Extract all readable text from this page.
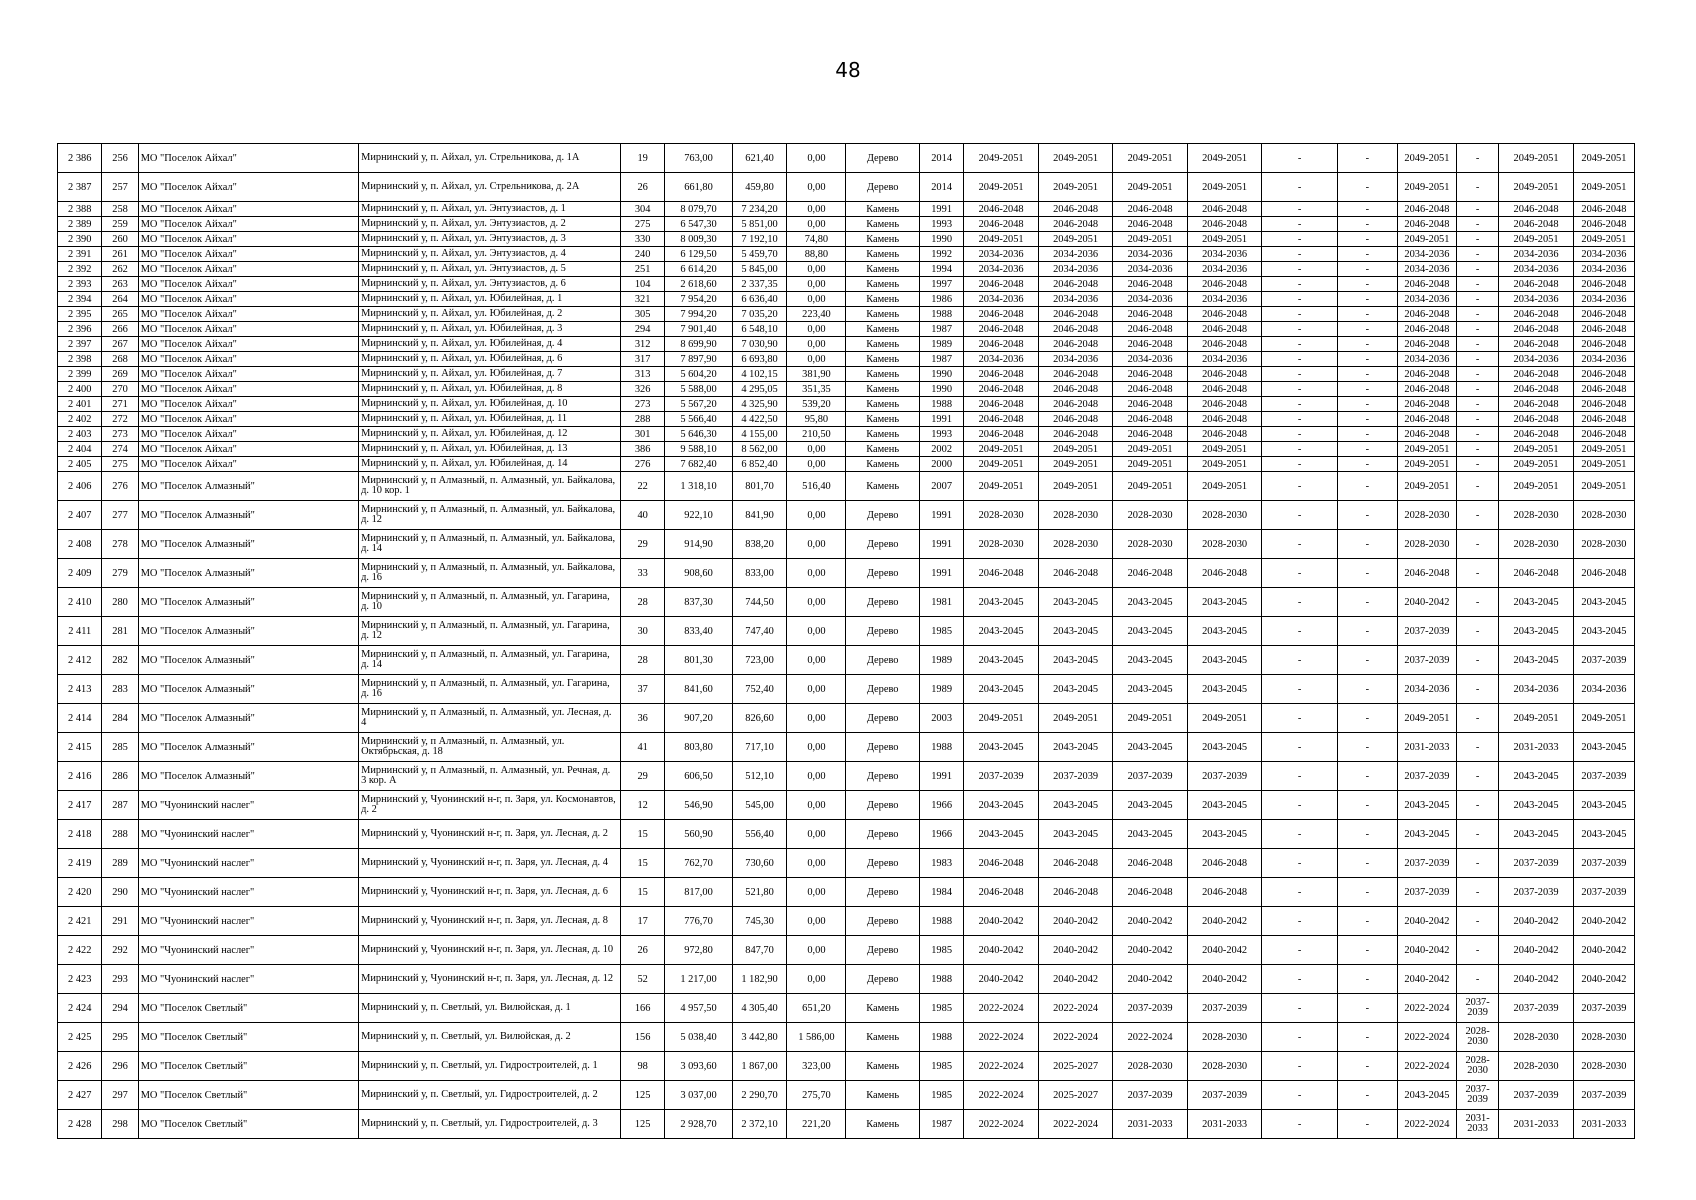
48
2 386	256	МО "Поселок Айхал"	Мирнинский у, п. Айхал, ул. Стрельникова, д. 1А	19	763,00	621,40	0,00	Дерево	2014	2049-2051	2049-2051	2049-2051	2049-2051	-	-	2049-2051	-	2049-2051	2049-2051
2 387	257	МО "Поселок Айхал"	Мирнинский у, п. Айхал, ул. Стрельникова, д. 2А	26	661,80	459,80	0,00	Дерево	2014	2049-2051	2049-2051	2049-2051	2049-2051	-	-	2049-2051	-	2049-2051	2049-2051
2 388	258	МО "Поселок Айхал"	Мирнинский у, п. Айхал, ул. Энтузиастов, д. 1	304	8 079,70	7 234,20	0,00	Камень	1991	2046-2048	2046-2048	2046-2048	2046-2048	-	-	2046-2048	-	2046-2048	2046-2048
2 389	259	МО "Поселок Айхал"	Мирнинский у, п. Айхал, ул. Энтузиастов, д. 2	275	6 547,30	5 851,00	0,00	Камень	1993	2046-2048	2046-2048	2046-2048	2046-2048	-	-	2046-2048	-	2046-2048	2046-2048
2 390	260	МО "Поселок Айхал"	Мирнинский у, п. Айхал, ул. Энтузиастов, д. 3	330	8 009,30	7 192,10	74,80	Камень	1990	2049-2051	2049-2051	2049-2051	2049-2051	-	-	2049-2051	-	2049-2051	2049-2051
2 391	261	МО "Поселок Айхал"	Мирнинский у, п. Айхал, ул. Энтузиастов, д. 4	240	6 129,50	5 459,70	88,80	Камень	1992	2034-2036	2034-2036	2034-2036	2034-2036	-	-	2034-2036	-	2034-2036	2034-2036
2 392	262	МО "Поселок Айхал"	Мирнинский у, п. Айхал, ул. Энтузиастов, д. 5	251	6 614,20	5 845,00	0,00	Камень	1994	2034-2036	2034-2036	2034-2036	2034-2036	-	-	2034-2036	-	2034-2036	2034-2036
2 393	263	МО "Поселок Айхал"	Мирнинский у, п. Айхал, ул. Энтузиастов, д. 6	104	2 618,60	2 337,35	0,00	Камень	1997	2046-2048	2046-2048	2046-2048	2046-2048	-	-	2046-2048	-	2046-2048	2046-2048
2 394	264	МО "Поселок Айхал"	Мирнинский у, п. Айхал, ул. Юбилейная, д. 1	321	7 954,20	6 636,40	0,00	Камень	1986	2034-2036	2034-2036	2034-2036	2034-2036	-	-	2034-2036	-	2034-2036	2034-2036
2 395	265	МО "Поселок Айхал"	Мирнинский у, п. Айхал, ул. Юбилейная, д. 2	305	7 994,20	7 035,20	223,40	Камень	1988	2046-2048	2046-2048	2046-2048	2046-2048	-	-	2046-2048	-	2046-2048	2046-2048
2 396	266	МО "Поселок Айхал"	Мирнинский у, п. Айхал, ул. Юбилейная, д. 3	294	7 901,40	6 548,10	0,00	Камень	1987	2046-2048	2046-2048	2046-2048	2046-2048	-	-	2046-2048	-	2046-2048	2046-2048
2 397	267	МО "Поселок Айхал"	Мирнинский у, п. Айхал, ул. Юбилейная, д. 4	312	8 699,90	7 030,90	0,00	Камень	1989	2046-2048	2046-2048	2046-2048	2046-2048	-	-	2046-2048	-	2046-2048	2046-2048
2 398	268	МО "Поселок Айхал"	Мирнинский у, п. Айхал, ул. Юбилейная, д. 6	317	7 897,90	6 693,80	0,00	Камень	1987	2034-2036	2034-2036	2034-2036	2034-2036	-	-	2034-2036	-	2034-2036	2034-2036
2 399	269	МО "Поселок Айхал"	Мирнинский у, п. Айхал, ул. Юбилейная, д. 7	313	5 604,20	4 102,15	381,90	Камень	1990	2046-2048	2046-2048	2046-2048	2046-2048	-	-	2046-2048	-	2046-2048	2046-2048
2 400	270	МО "Поселок Айхал"	Мирнинский у, п. Айхал, ул. Юбилейная, д. 8	326	5 588,00	4 295,05	351,35	Камень	1990	2046-2048	2046-2048	2046-2048	2046-2048	-	-	2046-2048	-	2046-2048	2046-2048
2 401	271	МО "Поселок Айхал"	Мирнинский у, п. Айхал, ул. Юбилейная, д. 10	273	5 567,20	4 325,90	539,20	Камень	1988	2046-2048	2046-2048	2046-2048	2046-2048	-	-	2046-2048	-	2046-2048	2046-2048
2 402	272	МО "Поселок Айхал"	Мирнинский у, п. Айхал, ул. Юбилейная, д. 11	288	5 566,40	4 422,50	95,80	Камень	1991	2046-2048	2046-2048	2046-2048	2046-2048	-	-	2046-2048	-	2046-2048	2046-2048
2 403	273	МО "Поселок Айхал"	Мирнинский у, п. Айхал, ул. Юбилейная, д. 12	301	5 646,30	4 155,00	210,50	Камень	1993	2046-2048	2046-2048	2046-2048	2046-2048	-	-	2046-2048	-	2046-2048	2046-2048
2 404	274	МО "Поселок Айхал"	Мирнинский у, п. Айхал, ул. Юбилейная, д. 13	386	9 588,10	8 562,00	0,00	Камень	2002	2049-2051	2049-2051	2049-2051	2049-2051	-	-	2049-2051	-	2049-2051	2049-2051
2 405	275	МО "Поселок Айхал"	Мирнинский у, п. Айхал, ул. Юбилейная, д. 14	276	7 682,40	6 852,40	0,00	Камень	2000	2049-2051	2049-2051	2049-2051	2049-2051	-	-	2049-2051	-	2049-2051	2049-2051
2 406	276	МО "Поселок Алмазный"	Мирнинский у, п Алмазный, п. Алмазный, ул. Байкалова, д. 10 кор. 1	22	1 318,10	801,70	516,40	Камень	2007	2049-2051	2049-2051	2049-2051	2049-2051	-	-	2049-2051	-	2049-2051	2049-2051
2 407	277	МО "Поселок Алмазный"	Мирнинский у, п Алмазный, п. Алмазный, ул. Байкалова, д. 12	40	922,10	841,90	0,00	Дерево	1991	2028-2030	2028-2030	2028-2030	2028-2030	-	-	2028-2030	-	2028-2030	2028-2030
2 408	278	МО "Поселок Алмазный"	Мирнинский у, п Алмазный, п. Алмазный, ул. Байкалова, д. 14	29	914,90	838,20	0,00	Дерево	1991	2028-2030	2028-2030	2028-2030	2028-2030	-	-	2028-2030	-	2028-2030	2028-2030
2 409	279	МО "Поселок Алмазный"	Мирнинский у, п Алмазный, п. Алмазный, ул. Байкалова, д. 16	33	908,60	833,00	0,00	Дерево	1991	2046-2048	2046-2048	2046-2048	2046-2048	-	-	2046-2048	-	2046-2048	2046-2048
2 410	280	МО "Поселок Алмазный"	Мирнинский у, п Алмазный, п. Алмазный, ул. Гагарина, д. 10	28	837,30	744,50	0,00	Дерево	1981	2043-2045	2043-2045	2043-2045	2043-2045	-	-	2040-2042	-	2043-2045	2043-2045
2 411	281	МО "Поселок Алмазный"	Мирнинский у, п Алмазный, п. Алмазный, ул. Гагарина, д. 12	30	833,40	747,40	0,00	Дерево	1985	2043-2045	2043-2045	2043-2045	2043-2045	-	-	2037-2039	-	2043-2045	2043-2045
2 412	282	МО "Поселок Алмазный"	Мирнинский у, п Алмазный, п. Алмазный, ул. Гагарина, д. 14	28	801,30	723,00	0,00	Дерево	1989	2043-2045	2043-2045	2043-2045	2043-2045	-	-	2037-2039	-	2043-2045	2037-2039
2 413	283	МО "Поселок Алмазный"	Мирнинский у, п Алмазный, п. Алмазный, ул. Гагарина, д. 16	37	841,60	752,40	0,00	Дерево	1989	2043-2045	2043-2045	2043-2045	2043-2045	-	-	2034-2036	-	2034-2036	2034-2036
2 414	284	МО "Поселок Алмазный"	Мирнинский у, п Алмазный, п. Алмазный, ул. Лесная, д. 4	36	907,20	826,60	0,00	Дерево	2003	2049-2051	2049-2051	2049-2051	2049-2051	-	-	2049-2051	-	2049-2051	2049-2051
2 415	285	МО "Поселок Алмазный"	Мирнинский у, п Алмазный, п. Алмазный, ул. Октябрьская, д. 18	41	803,80	717,10	0,00	Дерево	1988	2043-2045	2043-2045	2043-2045	2043-2045	-	-	2031-2033	-	2031-2033	2043-2045
2 416	286	МО "Поселок Алмазный"	Мирнинский у, п Алмазный, п. Алмазный, ул. Речная, д. 3 кор. А	29	606,50	512,10	0,00	Дерево	1991	2037-2039	2037-2039	2037-2039	2037-2039	-	-	2037-2039	-	2043-2045	2037-2039
2 417	287	МО "Чуонинский наслег"	Мирнинский у, Чуонинский н-г, п. Заря, ул. Космонавтов, д. 2	12	546,90	545,00	0,00	Дерево	1966	2043-2045	2043-2045	2043-2045	2043-2045	-	-	2043-2045	-	2043-2045	2043-2045
2 418	288	МО "Чуонинский наслег"	Мирнинский у, Чуонинский н-г, п. Заря, ул. Лесная, д. 2	15	560,90	556,40	0,00	Дерево	1966	2043-2045	2043-2045	2043-2045	2043-2045	-	-	2043-2045	-	2043-2045	2043-2045
2 419	289	МО "Чуонинский наслег"	Мирнинский у, Чуонинский н-г, п. Заря, ул. Лесная, д. 4	15	762,70	730,60	0,00	Дерево	1983	2046-2048	2046-2048	2046-2048	2046-2048	-	-	2037-2039	-	2037-2039	2037-2039
2 420	290	МО "Чуонинский наслег"	Мирнинский у, Чуонинский н-г, п. Заря, ул. Лесная, д. 6	15	817,00	521,80	0,00	Дерево	1984	2046-2048	2046-2048	2046-2048	2046-2048	-	-	2037-2039	-	2037-2039	2037-2039
2 421	291	МО "Чуонинский наслег"	Мирнинский у, Чуонинский н-г, п. Заря, ул. Лесная, д. 8	17	776,70	745,30	0,00	Дерево	1988	2040-2042	2040-2042	2040-2042	2040-2042	-	-	2040-2042	-	2040-2042	2040-2042
2 422	292	МО "Чуонинский наслег"	Мирнинский у, Чуонинский н-г, п. Заря, ул. Лесная, д. 10	26	972,80	847,70	0,00	Дерево	1985	2040-2042	2040-2042	2040-2042	2040-2042	-	-	2040-2042	-	2040-2042	2040-2042
2 423	293	МО "Чуонинский наслег"	Мирнинский у, Чуонинский н-г, п. Заря, ул. Лесная, д. 12	52	1 217,00	1 182,90	0,00	Дерево	1988	2040-2042	2040-2042	2040-2042	2040-2042	-	-	2040-2042	-	2040-2042	2040-2042
2 424	294	МО "Поселок Светлый"	Мирнинский у, п. Светлый, ул. Вилюйская, д. 1	166	4 957,50	4 305,40	651,20	Камень	1985	2022-2024	2022-2024	2037-2039	2037-2039	-	-	2022-2024	2037-2039	2037-2039	2037-2039
2 425	295	МО "Поселок Светлый"	Мирнинский у, п. Светлый, ул. Вилюйская, д. 2	156	5 038,40	3 442,80	1 586,00	Камень	1988	2022-2024	2022-2024	2022-2024	2028-2030	-	-	2022-2024	2028-2030	2028-2030	2028-2030
2 426	296	МО "Поселок Светлый"	Мирнинский у, п. Светлый, ул. Гидростроителей, д. 1	98	3 093,60	1 867,00	323,00	Камень	1985	2022-2024	2025-2027	2028-2030	2028-2030	-	-	2022-2024	2028-2030	2028-2030	2028-2030
2 427	297	МО "Поселок Светлый"	Мирнинский у, п. Светлый, ул. Гидростроителей, д. 2	125	3 037,00	2 290,70	275,70	Камень	1985	2022-2024	2025-2027	2037-2039	2037-2039	-	-	2043-2045	2037-2039	2037-2039	2037-2039
2 428	298	МО "Поселок Светлый"	Мирнинский у, п. Светлый, ул. Гидростроителей, д. 3	125	2 928,70	2 372,10	221,20	Камень	1987	2022-2024	2022-2024	2031-2033	2031-2033	-	-	2022-2024	2031-2033	2031-2033	2031-2033
